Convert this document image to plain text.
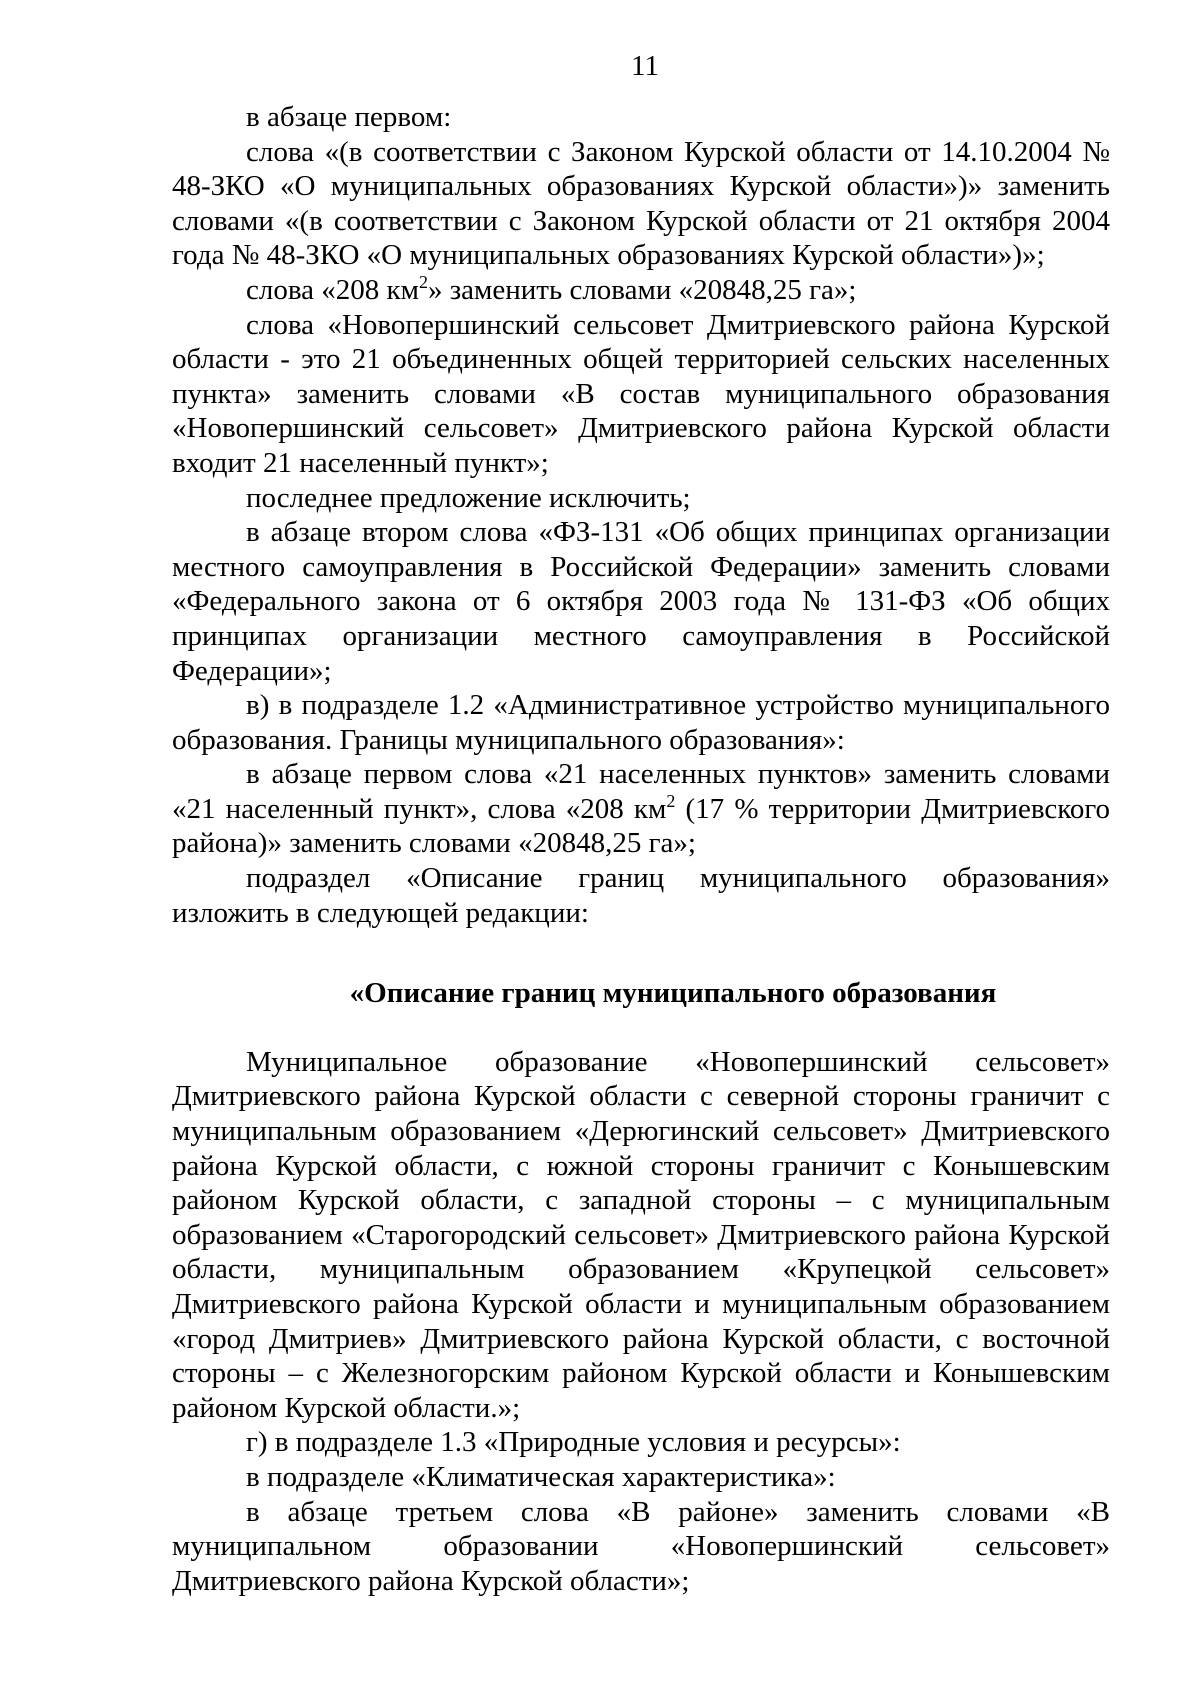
11

в абзаце первом:

слова «(в соответствии с Законом Курской области от 14.10.2004 № 48-ЗКО «О муниципальных образованиях Курской области»)» заменить словами «(в соответствии с Законом Курской области от 21 октября 2004 года № 48-ЗКО «О муниципальных образованиях Курской области»)»;

слова «208 $км^2$» заменить словами «20848,25 га»;

слова «Новопершинский сельсовет Дмитриевского района Курской области - это 21 объединенных общей территорией сельских населенных пункта» заменить словами «В состав муниципального образования «Новопершинский сельсовет» Дмитриевского района Курской области входит 21 населенный пункт»;

последнее предложение исключить;

в абзаце втором слова «ФЗ-131 «Об общих принципах организации местного самоуправления в Российской Федерации» заменить словами «Федерального закона от 6 октября 2003 года № 131-ФЗ «Об общих принципах организации местного самоуправления в Российской Федерации»;

в) в подразделе 1.2 «Административное устройство муниципального образования. Границы муниципального образования»:

в абзаце первом слова «21 населенных пунктов» заменить словами «21 населенный пункт», слова «208 $км^2$ (17 % территории Дмитриевского района)» заменить словами «20848,25 га»;

подраздел «Описание границ муниципального образования» изложить в следующей редакции:

«Описание границ муниципального образования

Муниципальное образование «Новопершинский сельсовет» Дмитриевского района Курской области с северной стороны граничит с муниципальным образованием «Дерюгинский сельсовет» Дмитриевского района Курской области, с южной стороны граничит с Конышевским районом Курской области, с западной стороны – с муниципальным образованием «Старогородский сельсовет» Дмитриевского района Курской области, муниципальным образованием «Крупецкой сельсовет» Дмитриевского района Курской области и муниципальным образованием «город Дмитриев» Дмитриевского района Курской области, с восточной стороны – с Железногорским районом Курской области и Конышевским районом Курской области.»;

г) в подразделе 1.3 «Природные условия и ресурсы»:

в подразделе «Климатическая характеристика»:

в абзаце третьем слова «В районе» заменить словами «В муниципальном образовании «Новопершинский сельсовет» Дмитриевского района Курской области»;
